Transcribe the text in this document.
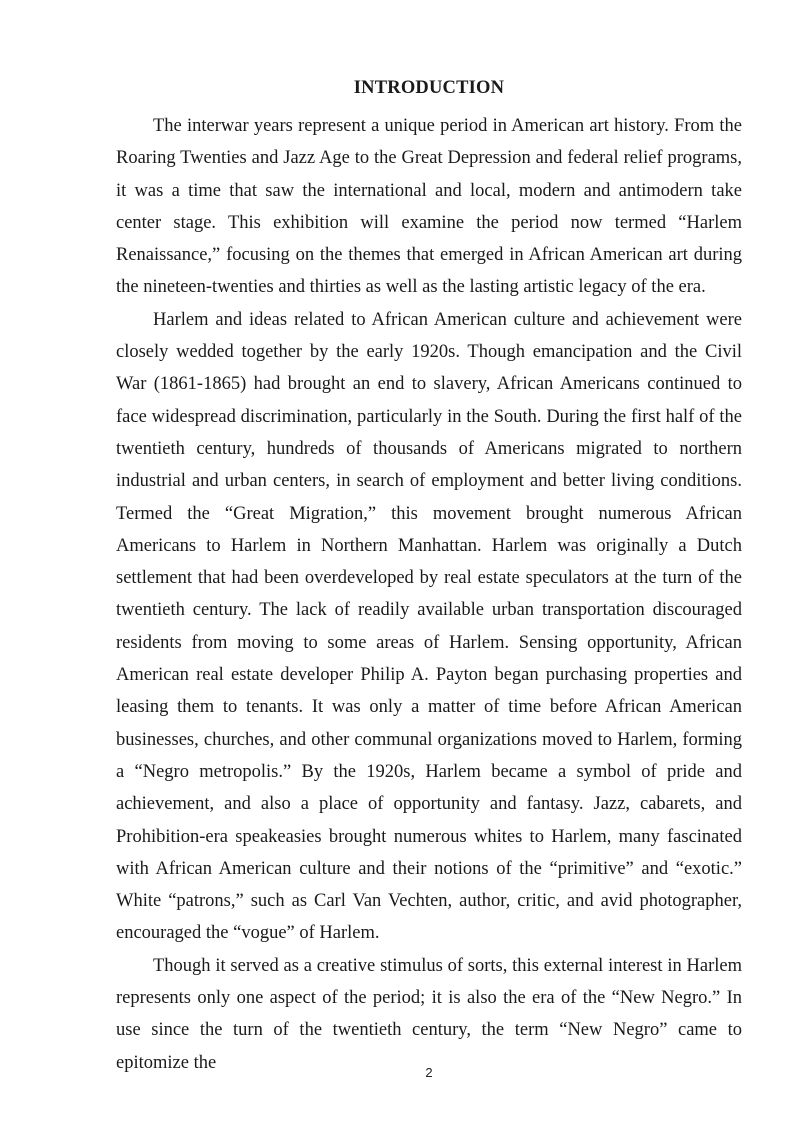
INTRODUCTION

The interwar years represent a unique period in American art history. From the Roaring Twenties and Jazz Age to the Great Depression and federal relief programs, it was a time that saw the international and local, modern and antimodern take center stage. This exhibition will examine the period now termed “Harlem Renaissance,” focusing on the themes that emerged in African American art during the nineteen-twenties and thirties as well as the lasting artistic legacy of the era.

Harlem and ideas related to African American culture and achievement were closely wedded together by the early 1920s. Though emancipation and the Civil War (1861-1865) had brought an end to slavery, African Americans continued to face widespread discrimination, particularly in the South. During the first half of the twentieth century, hundreds of thousands of Americans migrated to northern industrial and urban centers, in search of employment and better living conditions. Termed the “Great Migration,” this movement brought numerous African Americans to Harlem in Northern Manhattan. Harlem was originally a Dutch settlement that had been overdeveloped by real estate speculators at the turn of the twentieth century. The lack of readily available urban transportation discouraged residents from moving to some areas of Harlem. Sensing opportunity, African American real estate developer Philip A. Payton began purchasing properties and leasing them to tenants. It was only a matter of time before African American businesses, churches, and other communal organizations moved to Harlem, forming a “Negro metropolis.” By the 1920s, Harlem became a symbol of pride and achievement, and also a place of opportunity and fantasy. Jazz, cabarets, and Prohibition-era speakeasies brought numerous whites to Harlem, many fascinated with African American culture and their notions of the “primitive” and “exotic.” White “patrons,” such as Carl Van Vechten, author, critic, and avid photographer, encouraged the “vogue” of Harlem.

Though it served as a creative stimulus of sorts, this external interest in Harlem represents only one aspect of the period; it is also the era of the “New Negro.” In use since the turn of the twentieth century, the term “New Negro” came to epitomize the	2
